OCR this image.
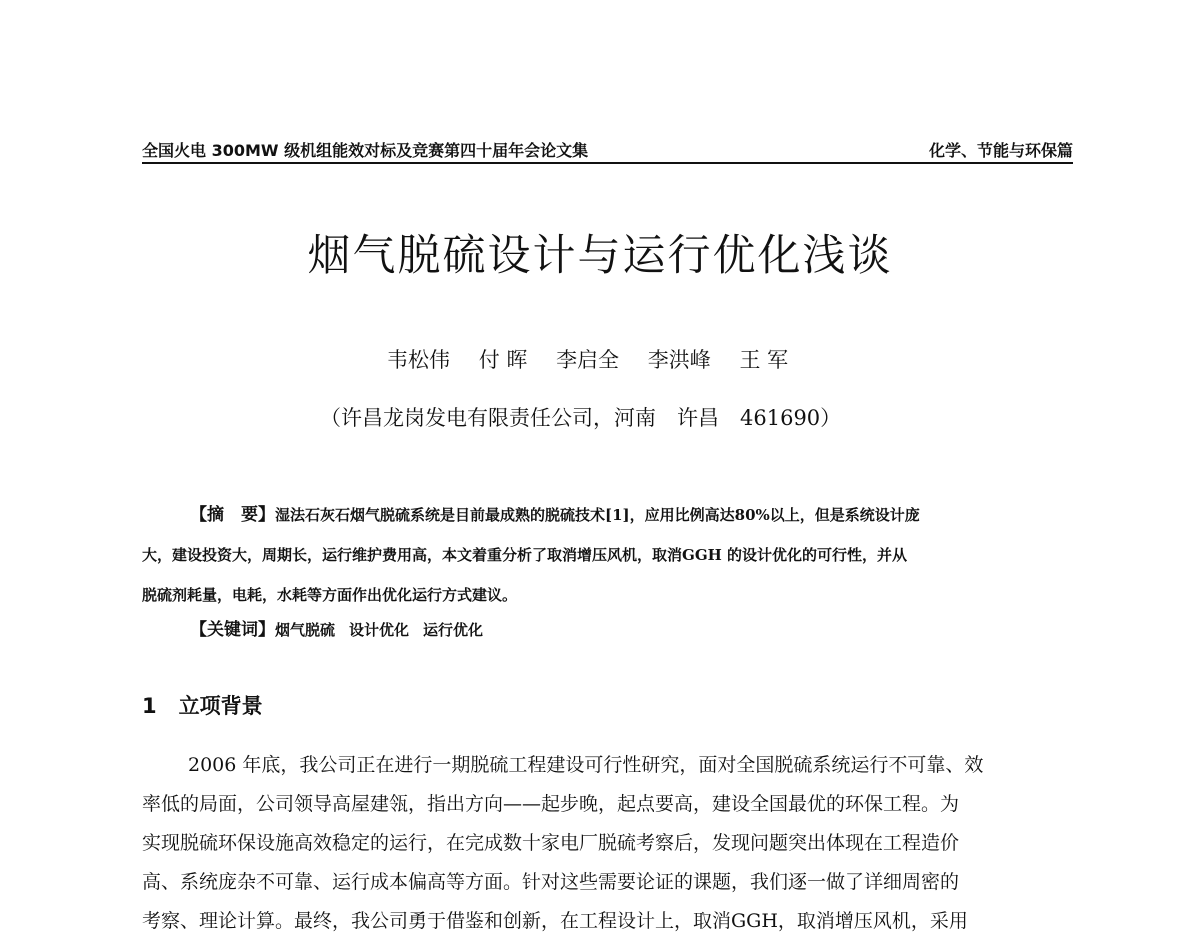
全国火电 300MW 级机组能效对标及竞赛第四十届年会论文集	化学、节能与环保篇
烟气脱硫设计与运行优化浅谈
韦松伟 付 晖 李启全 李洪峰 王 军
（许昌龙岗发电有限责任公司，河南　许昌　461690）
【摘　要】湿法石灰石烟气脱硫系统是目前最成熟的脱硫技术[1]，应用比例高达80%以上，但是系统设计庞
大，建设投资大，周期长，运行维护费用高，本文着重分析了取消增压风机，取消GGH 的设计优化的可行性，并从
脱硫剂耗量，电耗，水耗等方面作出优化运行方式建议。
【关键词】烟气脱硫 设计优化 运行优化
1 立项背景
2006 年底，我公司正在进行一期脱硫工程建设可行性研究，面对全国脱硫系统运行不可靠、效
率低的局面，公司领导高屋建瓴，指出方向——起步晚，起点要高，建设全国最优的环保工程。为
实现脱硫环保设施高效稳定的运行，在完成数十家电厂脱硫考察后，发现问题突出体现在工程造价
高、系统庞杂不可靠、运行成本偏高等方面。针对这些需要论证的课题，我们逐一做了详细周密的
考察、理论计算。最终，我公司勇于借鉴和创新，在工程设计上，取消GGH，取消增压风机，采用
